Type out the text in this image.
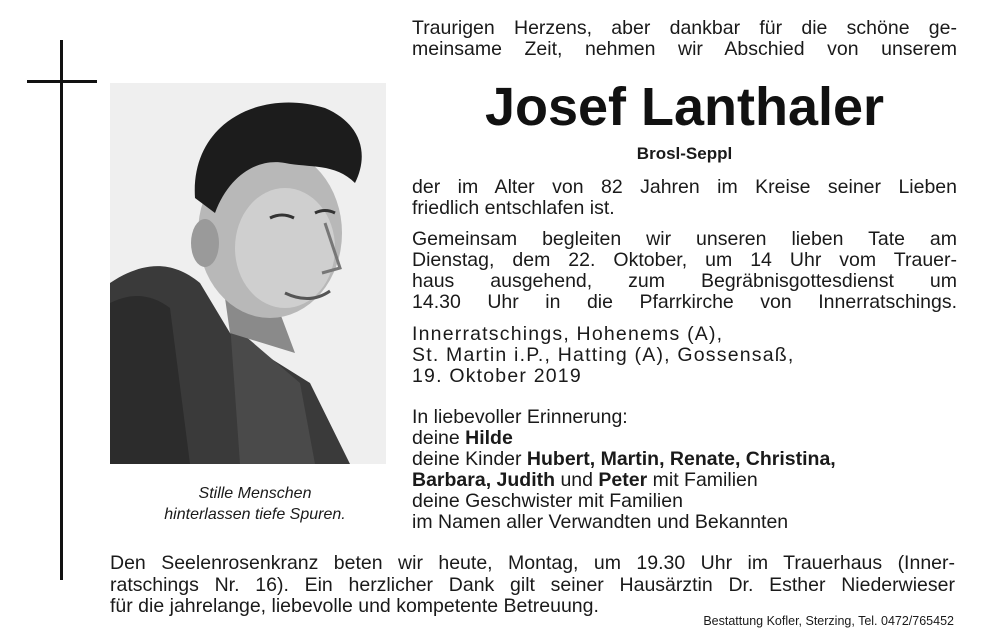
Stille Menschen
hinterlassen tiefe Spuren.
Traurigen Herzens, aber dankbar für die schöne ge-
meinsame Zeit, nehmen wir Abschied von unserem
Josef Lanthaler
Brosl-Seppl
der im Alter von 82 Jahren im Kreise seiner Lieben
friedlich entschlafen ist.
Gemeinsam begleiten wir unseren lieben Tate am
Dienstag, dem 22. Oktober, um 14 Uhr vom Trauer-
haus ausgehend, zum Begräbnisgottesdienst um
14.30 Uhr in die Pfarrkirche von Innerratschings.
Innerratschings, Hohenems (A),
St. Martin i.P., Hatting (A), Gossensaß,
19. Oktober 2019
In liebevoller Erinnerung:
deine Hilde
deine Kinder Hubert, Martin, Renate, Christina,
Barbara, Judith und Peter mit Familien
deine Geschwister mit Familien
im Namen aller Verwandten und Bekannten
Den Seelenrosenkranz beten wir heute, Montag, um 19.30 Uhr im Trauerhaus (Inner-
ratschings Nr. 16). Ein herzlicher Dank gilt seiner Hausärztin Dr. Esther Niederwieser
für die jahrelange, liebevolle und kompetente Betreuung.
Bestattung Kofler, Sterzing, Tel. 0472/765452
